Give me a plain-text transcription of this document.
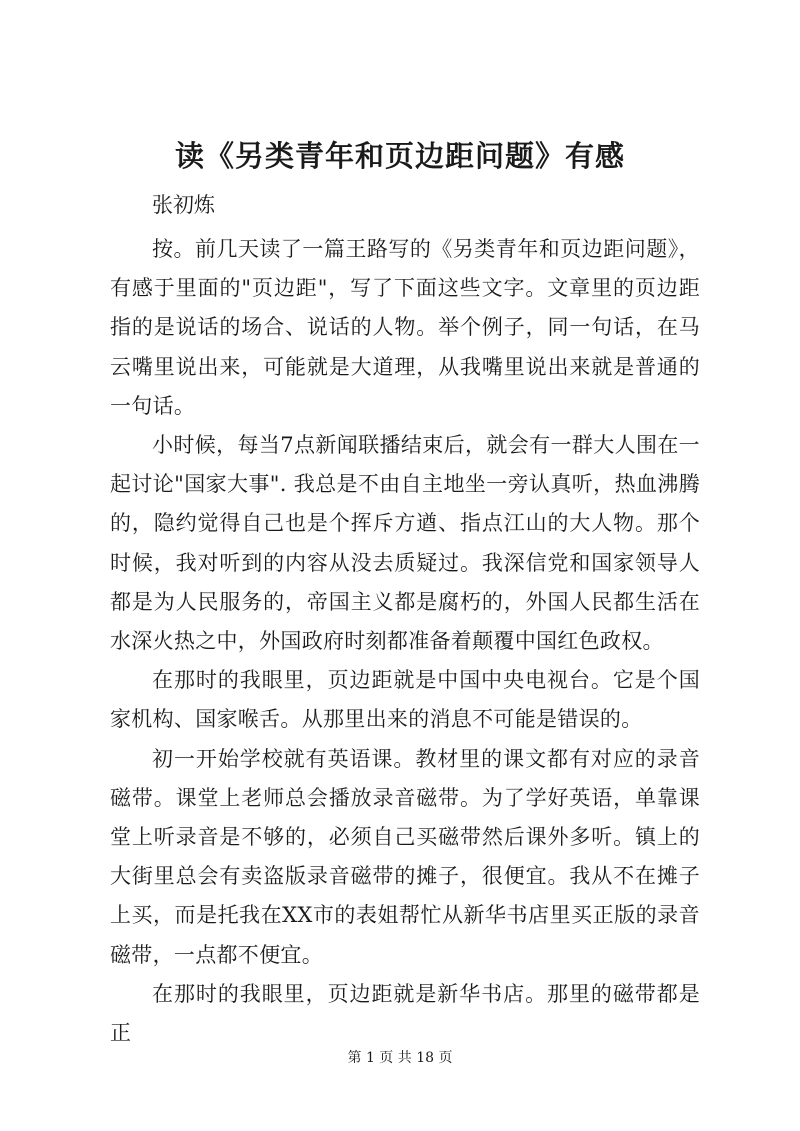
读《另类青年和页边距问题》有感

张初炼

按。前几天读了一篇王路写的《另类青年和页边距问题》，有感于里面的"页边距"，写了下面这些文字。文章里的页边距指的是说话的场合、说话的人物。举个例子，同一句话，在马云嘴里说出来，可能就是大道理，从我嘴里说出来就是普通的一句话。

小时候，每当7点新闻联播结束后，就会有一群大人围在一起讨论"国家大事". 我总是不由自主地坐一旁认真听，热血沸腾的，隐约觉得自己也是个挥斥方遒、指点江山的大人物。那个时候，我对听到的内容从没去质疑过。我深信党和国家领导人都是为人民服务的，帝国主义都是腐朽的，外国人民都生活在水深火热之中，外国政府时刻都准备着颠覆中国红色政权。

在那时的我眼里，页边距就是中国中央电视台。它是个国家机构、国家喉舌。从那里出来的消息不可能是错误的。

初一开始学校就有英语课。教材里的课文都有对应的录音磁带。课堂上老师总会播放录音磁带。为了学好英语，单靠课堂上听录音是不够的，必须自己买磁带然后课外多听。镇上的大街里总会有卖盗版录音磁带的摊子，很便宜。我从不在摊子上买，而是托我在XX市的表姐帮忙从新华书店里买正版的录音磁带，一点都不便宜。

在那时的我眼里，页边距就是新华书店。那里的磁带都是正

第 1 页 共 18 页
